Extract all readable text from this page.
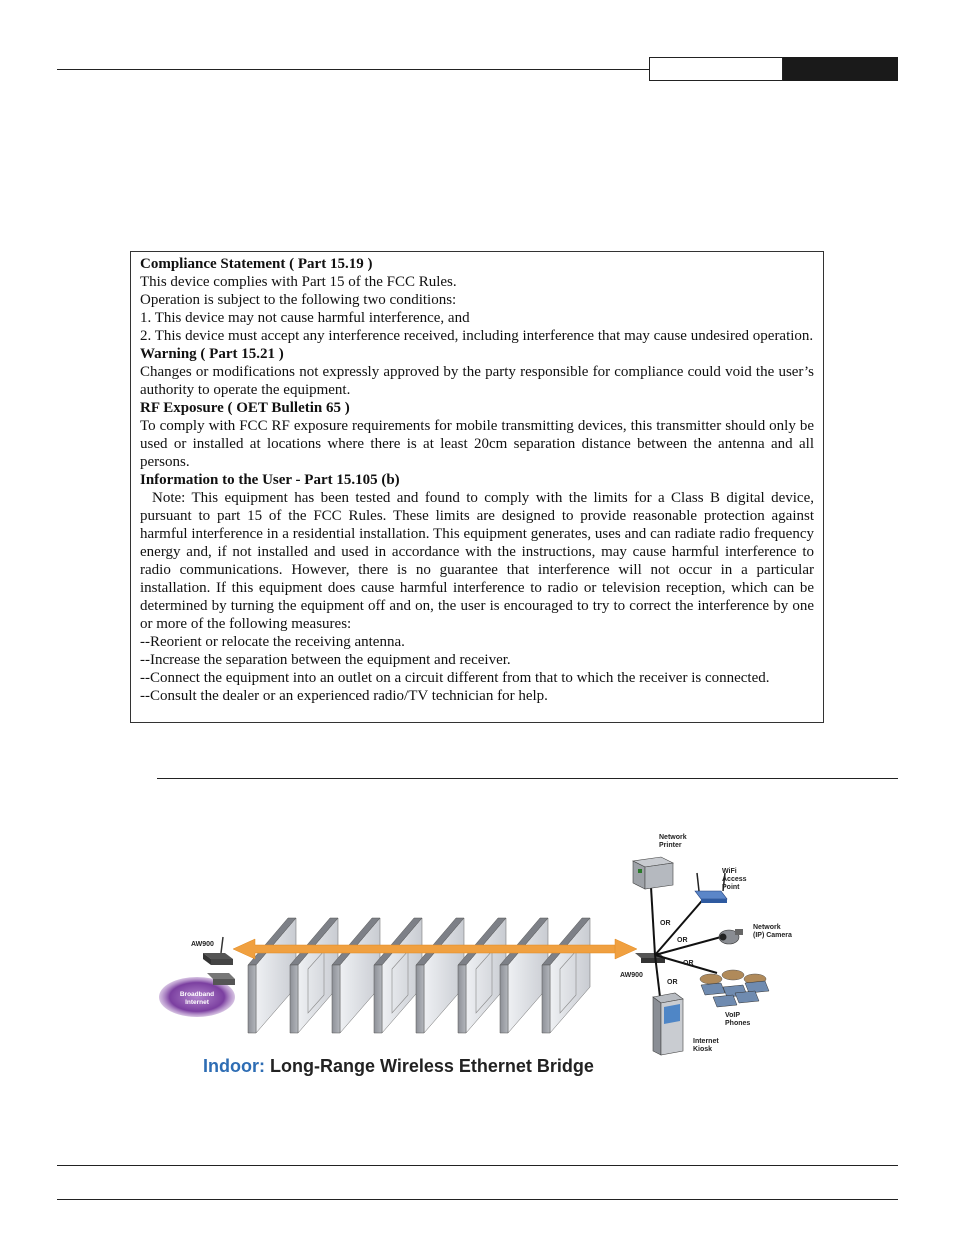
Compliance Statement ( Part 15.19 )

This device complies with Part 15 of the FCC Rules.

Operation is subject to the following two conditions:

1. This device may not cause harmful interference, and

2. This device must accept any interference received, including interference that may cause undesired operation.

Warning ( Part 15.21 )

Changes or modifications not expressly approved by the party responsible for compliance could void the user’s authority to operate the equipment.

RF Exposure ( OET Bulletin 65 )

To comply with FCC RF exposure requirements for mobile transmitting devices, this transmitter should only be used or installed at locations where there is at least 20cm separation distance between the antenna and all persons.

Information to the User - Part 15.105 (b)

Note: This equipment has been tested and found to comply with the limits for a Class B digital device, pursuant to part 15 of the FCC Rules. These limits are designed to provide reasonable protection against harmful interference in a residential installation. This equipment generates, uses and can radiate radio frequency energy and, if not installed and used in accordance with the instructions, may cause harmful interference to radio communications. However, there is no guarantee that interference will not occur in a particular installation. If this equipment does cause harmful interference to radio or television reception, which can be determined by turning the equipment off and on, the user is encouraged to try to correct the interference by one or more of the following measures:

--Reorient or relocate the receiving antenna.

--Increase the separation between the equipment and receiver.

--Connect the equipment into an outlet on a circuit different from that to which the receiver is connected.

--Consult the dealer or an experienced radio/TV technician for help.

Broadband
Internet
AW900
AW900
OR
OR
OR
OR
Network
Printer
WiFi
Access
Point
Network
(IP) Camera
VoIP
Phones
Internet
Kiosk
Indoor: Long-Range Wireless Ethernet Bridge
